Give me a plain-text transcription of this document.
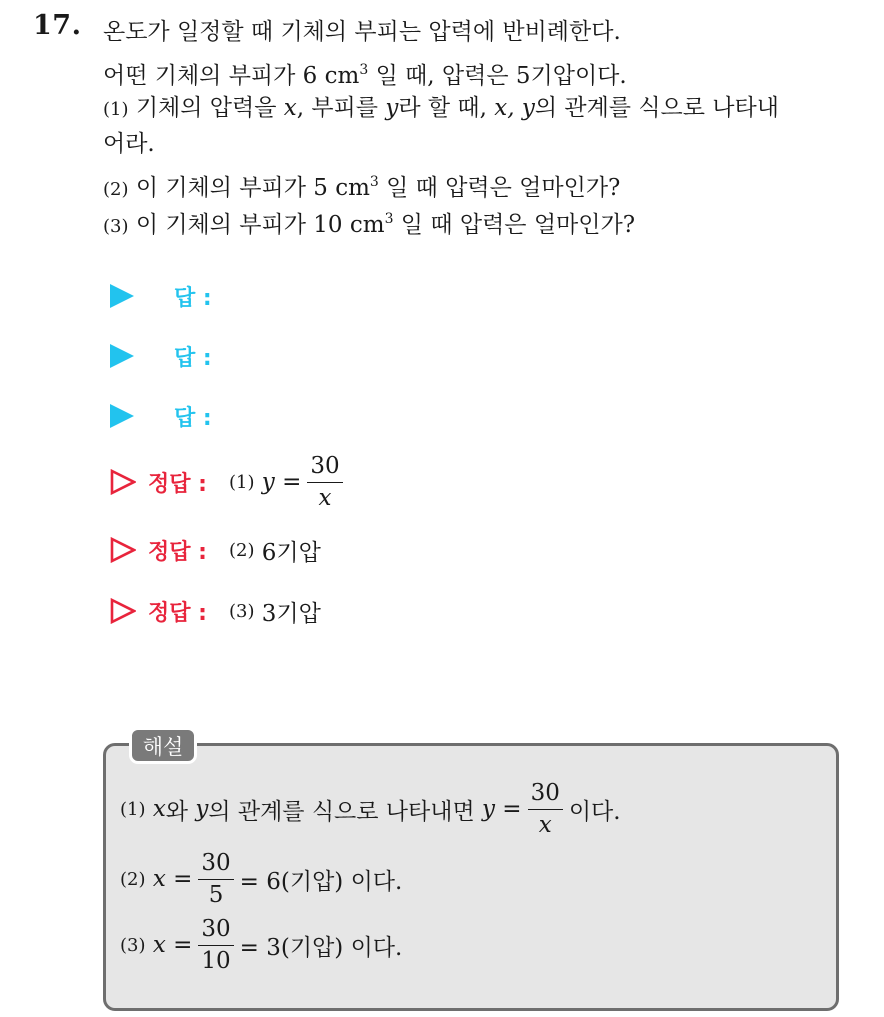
17. 온도가 일정할 때 기체의 부피는 압력에 반비례한다.
어떤 기체의 부피가 6 $cm^3$ 일 때, 압력은 5기압이다.
(1) 기체의 압력을 x, 부피를 y라 할 때, x, y의 관계를 식으로 나타내
어라.
(2) 이 기체의 부피가 5 $cm^3$ 일 때 압력은 얼마인가?
(3) 이 기체의 부피가 10 $cm^3$ 일 때 압력은 얼마인가?
답 :
답 :
답 :
정답 : (1)
$y = \frac{30}{x}$
정답 : (2)
6기압
정답 : (3)
3기압
해설
(1)
x 와
y 의 관계를 식으로 나타내면
$y = \frac{30}{x}$ 이다.
(2)
$x = \frac{30}{5} = 6$(기압)
이다.
(3)
$x = \frac{30}{10} = 3$(기압)
이다.
